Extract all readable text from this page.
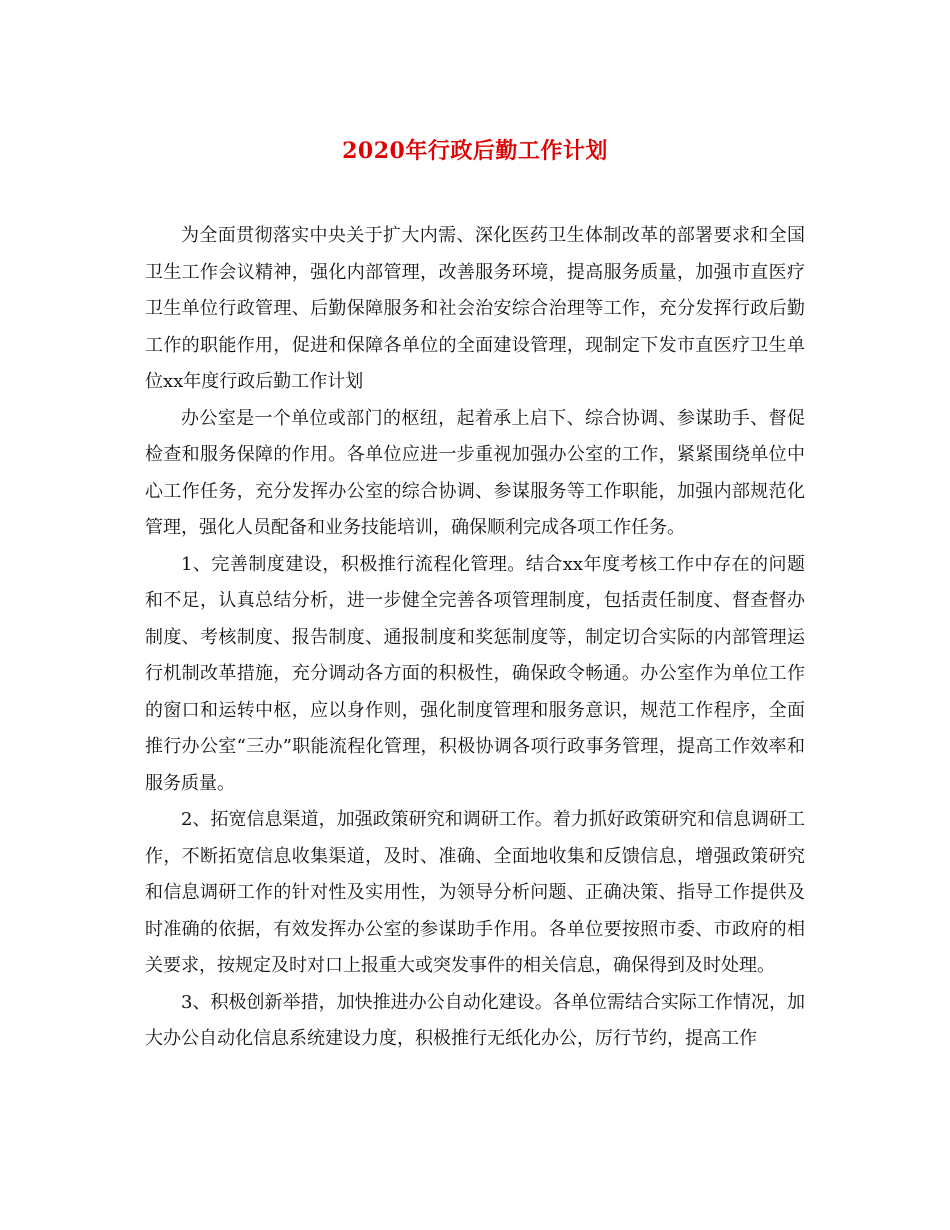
2020年行政后勤工作计划

为全面贯彻落实中央关于扩大内需、深化医药卫生体制改革的部署要求和全国卫生工作会议精神，强化内部管理，改善服务环境，提高服务质量，加强市直医疗卫生单位行政管理、后勤保障服务和社会治安综合治理等工作，充分发挥行政后勤工作的职能作用，促进和保障各单位的全面建设管理，现制定下发市直医疗卫生单位xx年度行政后勤工作计划

办公室是一个单位或部门的枢纽，起着承上启下、综合协调、参谋助手、督促检查和服务保障的作用。各单位应进一步重视加强办公室的工作，紧紧围绕单位中心工作任务，充分发挥办公室的综合协调、参谋服务等工作职能，加强内部规范化管理，强化人员配备和业务技能培训，确保顺利完成各项工作任务。

1、完善制度建设，积极推行流程化管理。结合xx年度考核工作中存在的问题和不足，认真总结分析，进一步健全完善各项管理制度，包括责任制度、督查督办制度、考核制度、报告制度、通报制度和奖惩制度等，制定切合实际的内部管理运行机制改革措施，充分调动各方面的积极性，确保政令畅通。办公室作为单位工作的窗口和运转中枢，应以身作则，强化制度管理和服务意识，规范工作程序，全面推行办公室“三办”职能流程化管理，积极协调各项行政事务管理，提高工作效率和服务质量。

2、拓宽信息渠道，加强政策研究和调研工作。着力抓好政策研究和信息调研工作，不断拓宽信息收集渠道，及时、准确、全面地收集和反馈信息，增强政策研究和信息调研工作的针对性及实用性，为领导分析问题、正确决策、指导工作提供及时准确的依据，有效发挥办公室的参谋助手作用。各单位要按照市委、市政府的相关要求，按规定及时对口上报重大或突发事件的相关信息，确保得到及时处理。

3、积极创新举措，加快推进办公自动化建设。各单位需结合实际工作情况，加大办公自动化信息系统建设力度，积极推行无纸化办公，厉行节约，提高工作
